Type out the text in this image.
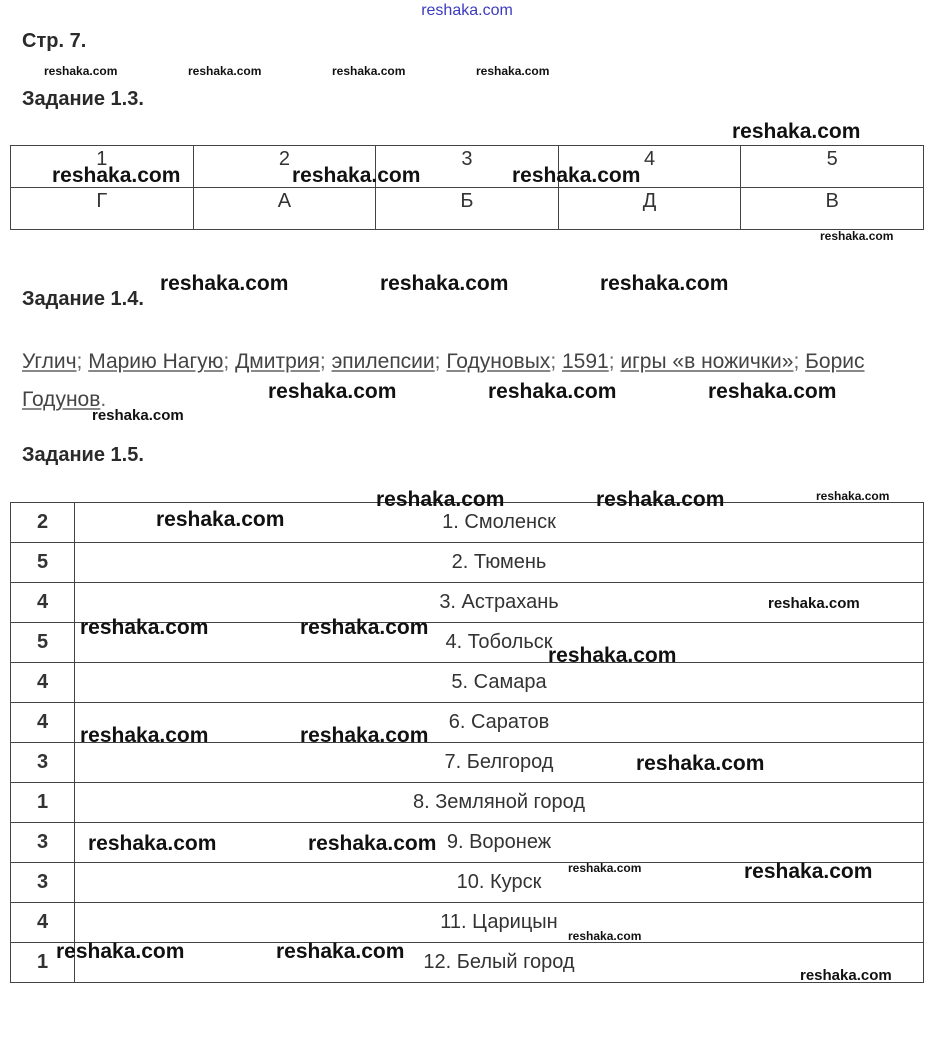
reshaka.com
Стр. 7.
Задание 1.3.
1	2	3	4	5
Г	А	Б	Д	В
Задание 1.4.
Углич; Марию Нагую; Дмитрия; эпилепсии; Годуновых; 1591; игры «в ножички»; Борис Годунов.
Задание 1.5.
2	1. Смоленск
5	2. Тюмень
4	3. Астрахань
5	4. Тобольск
4	5. Самара
4	6. Саратов
3	7. Белгород
1	8. Земляной город
3	9. Воронеж
3	10. Курск
4	11. Царицын
1	12. Белый город
reshaka.com	reshaka.com	reshaka.com	reshaka.com
reshaka.com
reshaka.com	reshaka.com	reshaka.com
reshaka.com
reshaka.com	reshaka.com	reshaka.com
reshaka.com	reshaka.com	reshaka.com
reshaka.com
reshaka.com	reshaka.com	reshaka.com
reshaka.com
reshaka.com
reshaka.com	reshaka.com
reshaka.com
reshaka.com	reshaka.com
reshaka.com
reshaka.com	reshaka.com
reshaka.com	reshaka.com
reshaka.com
reshaka.com	reshaka.com
reshaka.com
